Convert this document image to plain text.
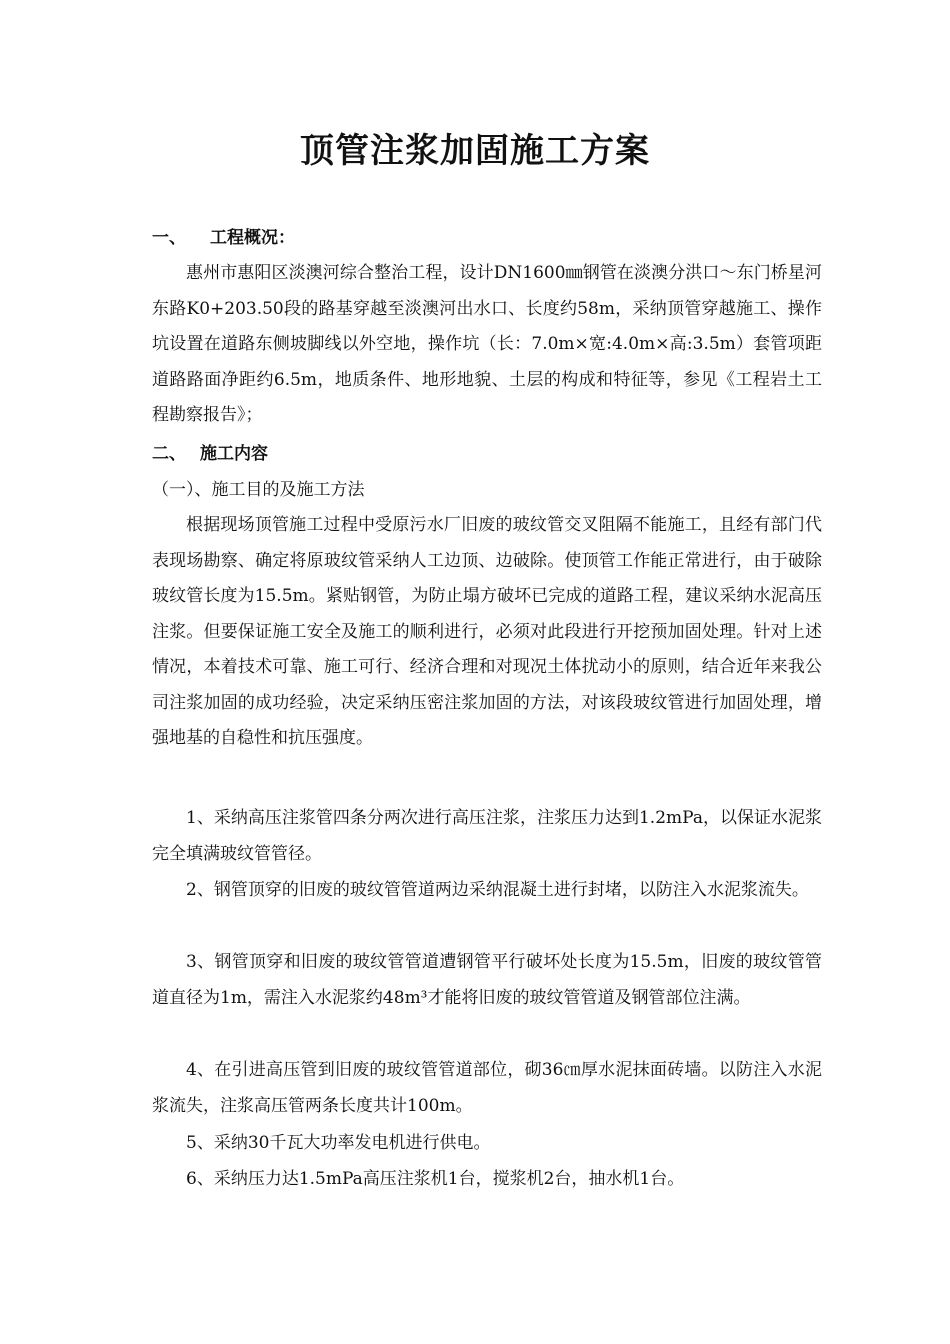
顶管注浆加固施工方案
一、 工程概况：

惠州市惠阳区淡澳河综合整治工程，设计DN1600㎜钢管在淡澳分洪口～东门桥星河东路K0+203.50段的路基穿越至淡澳河出水口、长度约58m，采纳顶管穿越施工、操作坑设置在道路东侧坡脚线以外空地，操作坑（长：7.0m×宽:4.0m×高:3.5m）套管项距道路路面净距约6.5m，地质条件、地形地貌、土层的构成和特征等，参见《工程岩土工程勘察报告》；

二、 施工内容
（一）、施工目的及施工方法

根据现场顶管施工过程中受原污水厂旧废的玻纹管交叉阻隔不能施工，且经有部门代表现场勘察、确定将原玻纹管采纳人工边顶、边破除。使顶管工作能正常进行，由于破除玻纹管长度为15.5m。紧贴钢管，为防止塌方破坏已完成的道路工程，建议采纳水泥高压注浆。但要保证施工安全及施工的顺利进行，必须对此段进行开挖预加固处理。针对上述情况，本着技术可靠、施工可行、经济合理和对现况土体扰动小的原则，结合近年来我公司注浆加固的成功经验，决定采纳压密注浆加固的方法，对该段玻纹管进行加固处理，增强地基的自稳性和抗压强度。

1、采纳高压注浆管四条分两次进行高压注浆，注浆压力达到1.2mPa，以保证水泥浆完全填满玻纹管管径。

2、钢管顶穿的旧废的玻纹管管道两边采纳混凝土进行封堵，以防注入水泥浆流失。

3、钢管顶穿和旧废的玻纹管管道遭钢管平行破坏处长度为15.5m，旧废的玻纹管管道直径为1m，需注入水泥浆约48m³才能将旧废的玻纹管管道及钢管部位注满。

4、在引进高压管到旧废的玻纹管管道部位，砌36㎝厚水泥抹面砖墙。以防注入水泥浆流失，注浆高压管两条长度共计100m。

5、采纳30千瓦大功率发电机进行供电。

6、采纳压力达1.5mPa高压注浆机1台，搅浆机2台，抽水机1台。
